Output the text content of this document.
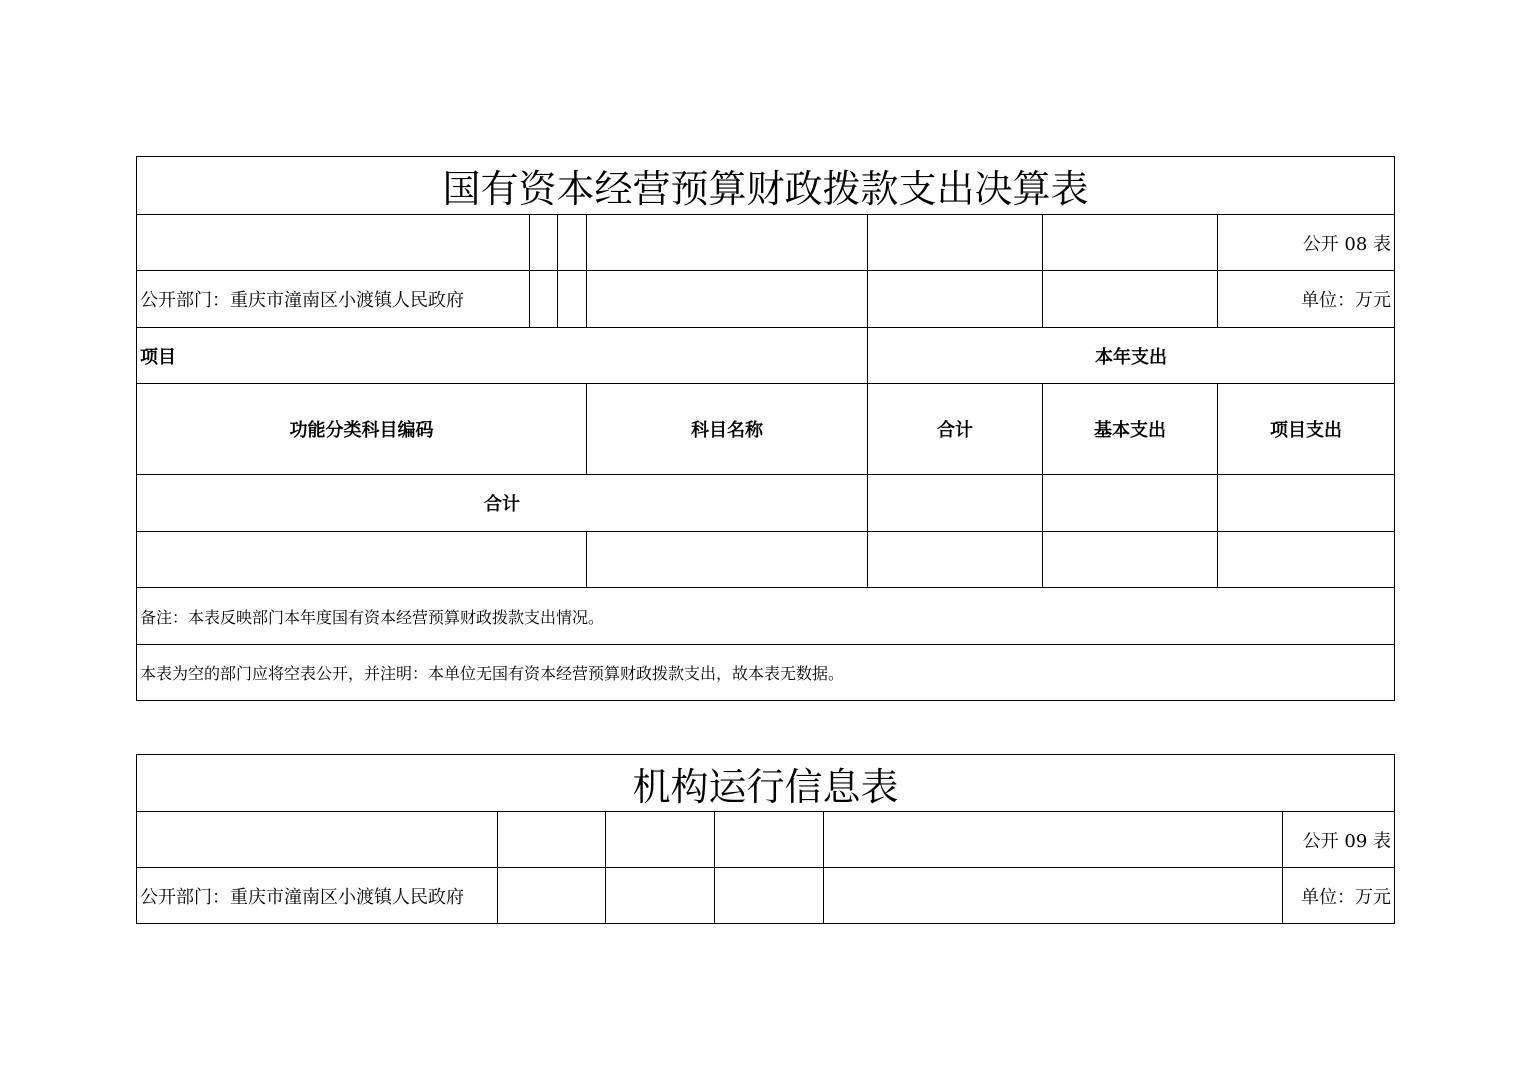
国有资本经营预算财政拨款支出决算表						
						公开 08 表
公开部门：重庆市潼南区小渡镇人民政府						单位：万元
项目				本年支出		
功能分类科目编码			科目名称	合计	基本支出	项目支出
合计						

备注：本表反映部门本年度国有资本经营预算财政拨款支出情况。						
本表为空的部门应将空表公开，并注明：本单位无国有资本经营预算财政拨款支出，故本表无数据。						
机构运行信息表					
					公开 09 表
公开部门：重庆市潼南区小渡镇人民政府					单位：万元
